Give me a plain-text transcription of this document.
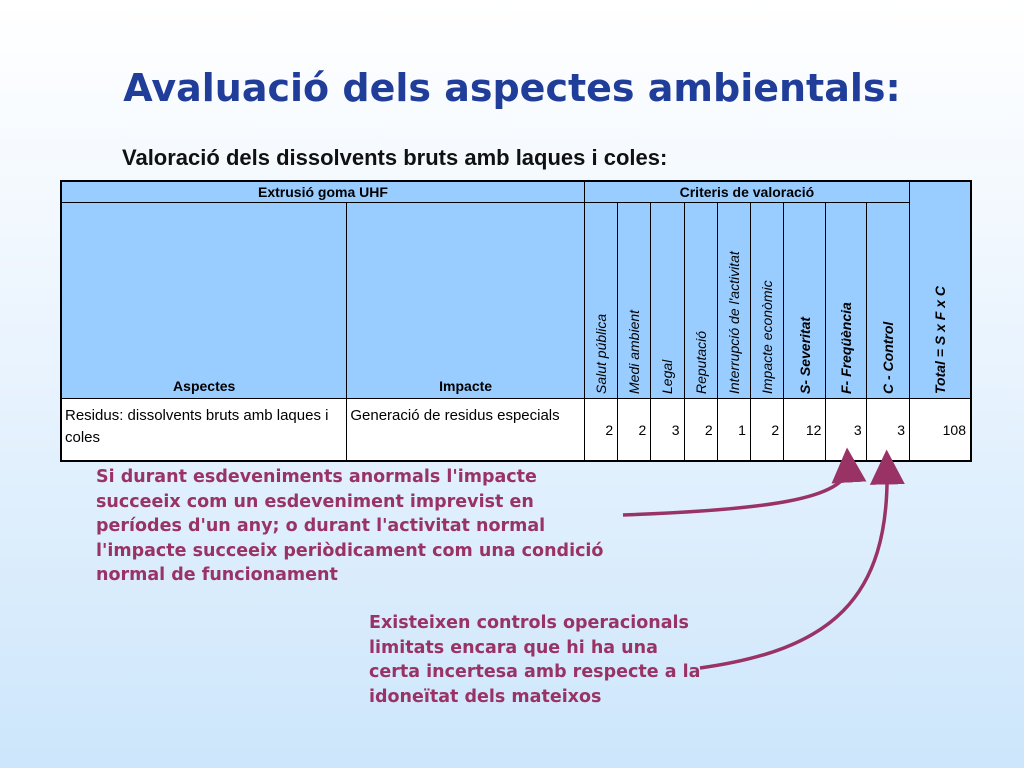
Avaluació dels aspectes ambientals:
Valoració dels dissolvents bruts amb laques i coles:
Extrusió goma UHF		Criteris de valoració									Total = S x F x C

Aspectes	Impacte	Salut pública	Medi ambient	Legal	Reputació	Interrupció de l'activitat	Impacte econòmic	S- Severitat	F- Freqüència	C - Control	

Residus: dissolvents bruts amb laques i coles	Generació de residus especials	2	2	3	2	1	2	12	3	3	108

Si durant esdeveniments anormals l'impacte succeeix com un esdeveniment imprevist en períodes d'un any; o durant l'activitat normal l'impacte succeeix periòdicament com una condició normal de funcionament

Existeixen controls operacionals limitats encara que hi ha una certa incertesa amb respecte a la idoneïtat dels mateixos
